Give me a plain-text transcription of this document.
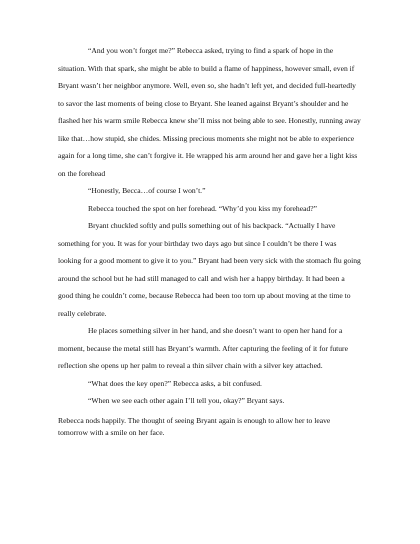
“And you won’t forget me?” Rebecca asked, trying to find a spark of hope in the situation. With that spark, she might be able to build a flame of happiness, however small, even if Bryant wasn’t her neighbor anymore. Well, even so, she hadn’t left yet, and decided full-heartedly to savor the last moments of being close to Bryant. She leaned against Bryant’s shoulder and he flashed her his warm smile Rebecca knew she’ll miss not being able to see. Honestly, running away like that…how stupid, she chides. Missing precious moments she might not be able to experience again for a long time, she can’t forgive it. He wrapped his arm around her and gave her a light kiss on the forehead

“Honestly, Becca…of course I won’t.”

Rebecca touched the spot on her forehead. “Why’d you kiss my forehead?”

Bryant chuckled softly and pulls something out of his backpack. “Actually I have something for you. It was for your birthday two days ago but since I couldn’t be there I was looking for a good moment to give it to you.” Bryant had been very sick with the stomach flu going around the school but he had still managed to call and wish her a happy birthday. It had been a good thing he couldn’t come, because Rebecca had been too torn up about moving at the time to really celebrate.

He places something silver in her hand, and she doesn’t want to open her hand for a moment, because the metal still has Bryant’s warmth. After capturing the feeling of it for future reflection she opens up her palm to reveal a thin silver chain with a silver key attached.

“What does the key open?” Rebecca asks, a bit confused.

“When we see each other again I’ll tell you, okay?” Bryant says.

Rebecca nods happily. The thought of seeing Bryant again is enough to allow her to leave tomorrow with a smile on her face.
